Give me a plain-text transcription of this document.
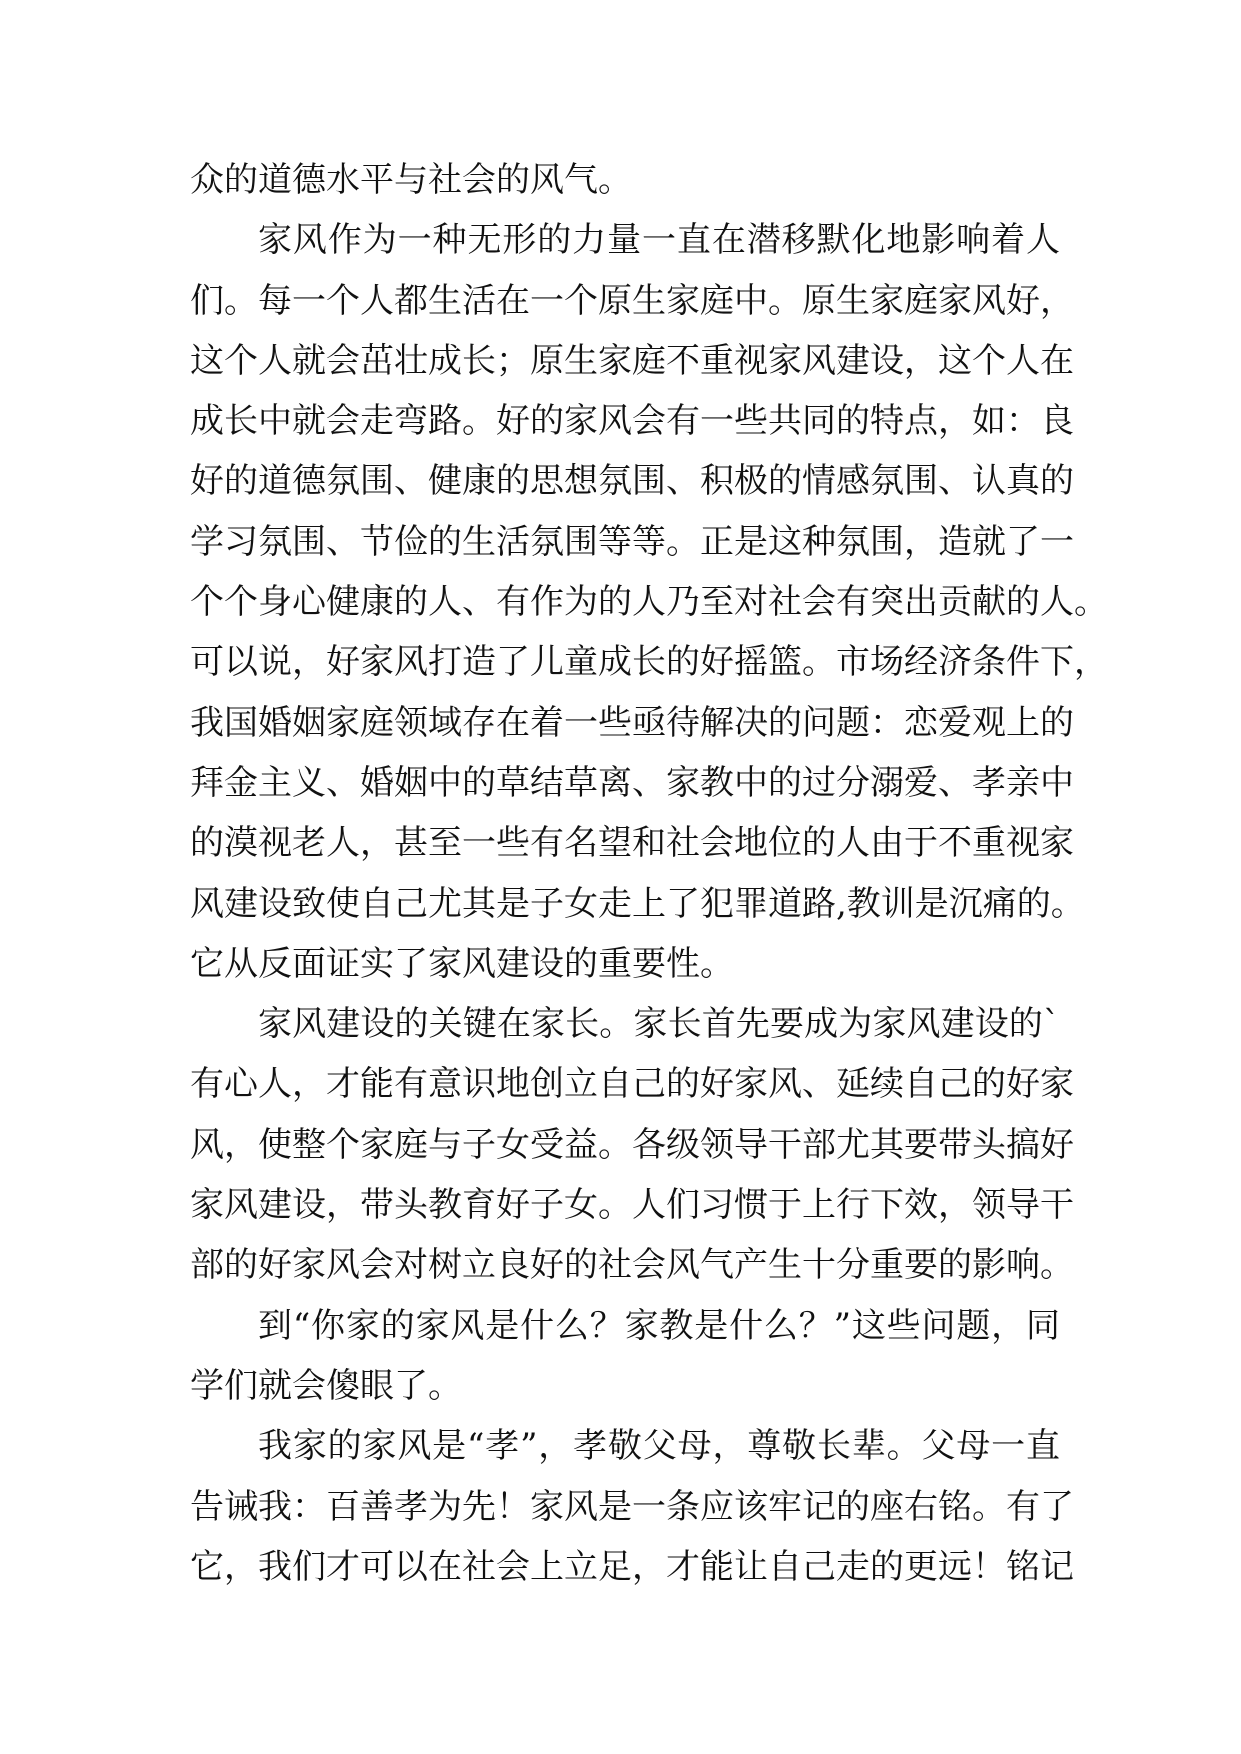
众的道德水平与社会的风气。
家风作为一种无形的力量一直在潜移默化地影响着人
们。每一个人都生活在一个原生家庭中。原生家庭家风好，
这个人就会茁壮成长；原生家庭不重视家风建设，这个人在
成长中就会走弯路。好的家风会有一些共同的特点，如：良
好的道德氛围、健康的思想氛围、积极的情感氛围、认真的
学习氛围、节俭的生活氛围等等。正是这种氛围，造就了一
个个身心健康的人、有作为的人乃至对社会有突出贡献的人。
可以说，好家风打造了儿童成长的好摇篮。市场经济条件下，
我国婚姻家庭领域存在着一些亟待解决的问题：恋爱观上的
拜金主义、婚姻中的草结草离、家教中的过分溺爱、孝亲中
的漠视老人，甚至一些有名望和社会地位的人由于不重视家
风建设致使自己尤其是子女走上了犯罪道路,教训是沉痛的。
它从反面证实了家风建设的重要性。
家风建设的关键在家长。家长首先要成为家风建设的`
有心人，才能有意识地创立自己的好家风、延续自己的好家
风，使整个家庭与子女受益。各级领导干部尤其要带头搞好
家风建设，带头教育好子女。人们习惯于上行下效，领导干
部的好家风会对树立良好的社会风气产生十分重要的影响。
到“你家的家风是什么？家教是什么？”这些问题，同
学们就会傻眼了。
我家的家风是“孝”，孝敬父母，尊敬长辈。父母一直
告诫我：百善孝为先！家风是一条应该牢记的座右铭。有了
它，我们才可以在社会上立足，才能让自己走的更远！铭记
